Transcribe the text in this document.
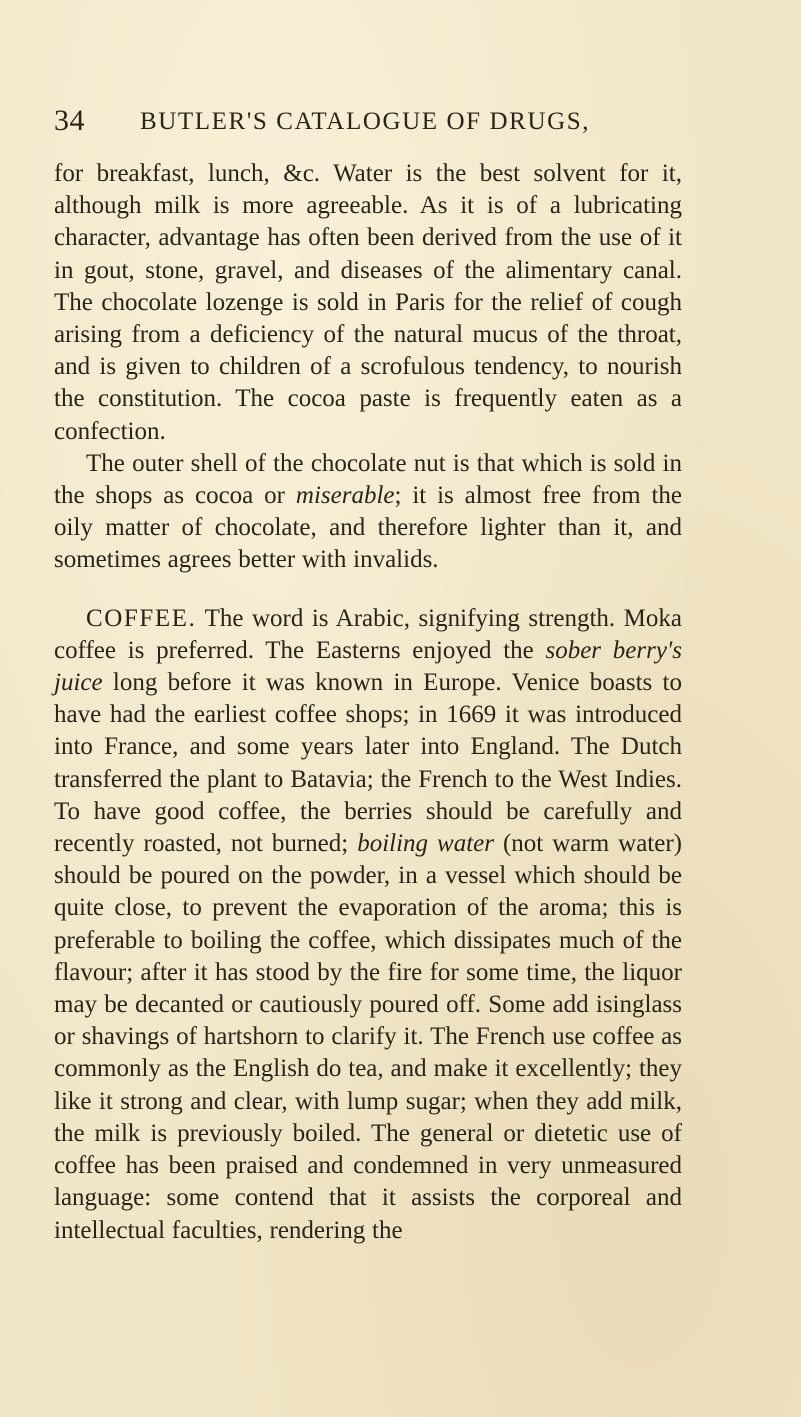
34 BUTLER'S CATALOGUE OF DRUGS,

for breakfast, lunch, &c. Water is the best solvent for it, although milk is more agreeable. As it is of a lubricating character, advantage has often been derived from the use of it in gout, stone, gravel, and diseases of the alimentary canal. The chocolate lozenge is sold in Paris for the relief of cough arising from a deficiency of the natural mucus of the throat, and is given to children of a scrofulous tendency, to nourish the constitution. The cocoa paste is frequently eaten as a confection.

The outer shell of the chocolate nut is that which is sold in the shops as cocoa or miserable; it is almost free from the oily matter of chocolate, and therefore lighter than it, and sometimes agrees better with invalids.

COFFEE. The word is Arabic, signifying strength. Moka coffee is preferred. The Easterns enjoyed the sober berry's juice long before it was known in Europe. Venice boasts to have had the earliest coffee shops; in 1669 it was introduced into France, and some years later into England. The Dutch transferred the plant to Batavia; the French to the West Indies. To have good coffee, the berries should be carefully and recently roasted, not burned; boiling water (not warm water) should be poured on the powder, in a vessel which should be quite close, to prevent the evaporation of the aroma; this is preferable to boiling the coffee, which dissipates much of the flavour; after it has stood by the fire for some time, the liquor may be decanted or cautiously poured off. Some add isinglass or shavings of hartshorn to clarify it. The French use coffee as commonly as the English do tea, and make it excellently; they like it strong and clear, with lump sugar; when they add milk, the milk is previously boiled. The general or dietetic use of coffee has been praised and condemned in very unmeasured language: some contend that it assists the corporeal and intellectual faculties, rendering the
